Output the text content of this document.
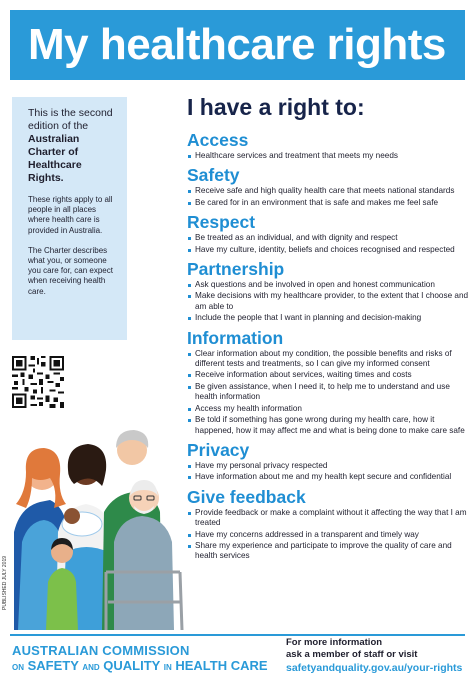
My healthcare rights

This is the second edition of the Australian Charter of Healthcare Rights.

These rights apply to all people in all places where health care is provided in Australia.

The Charter describes what you, or someone you care for, can expect when receiving health care.

PUBLISHED JULY 2019
I have a right to:
Access
Healthcare services and treatment that meets my needs
Safety
Receive safe and high quality health care that meets national standards
Be cared for in an environment that is safe and makes me feel safe
Respect
Be treated as an individual, and with dignity and respect
Have my culture, identity, beliefs and choices recognised and respected
Partnership
Ask questions and be involved in open and honest communication
Make decisions with my healthcare provider, to the extent that I choose and am able to
Include the people that I want in planning and decision-making
Information
Clear information about my condition, the possible benefits and risks of different tests and treatments, so I can give my informed consent
Receive information about services, waiting times and costs
Be given assistance, when I need it, to help me to understand and use health information
Access my health information
Be told if something has gone wrong during my health care, how it happened, how it may affect me and what is being done to make care safe
Privacy
Have my personal privacy respected
Have information about me and my health kept secure and confidential
Give feedback
Provide feedback or make a complaint without it affecting the way that I am treated
Have my concerns addressed in a transparent and timely way
Share my experience and participate to improve the quality of care and health services
AUSTRALIAN COMMISSION
ON SAFETY AND QUALITY IN HEALTH CARE
For more information
ask a member of staff or visit
safetyandquality.gov.au/your-rights
